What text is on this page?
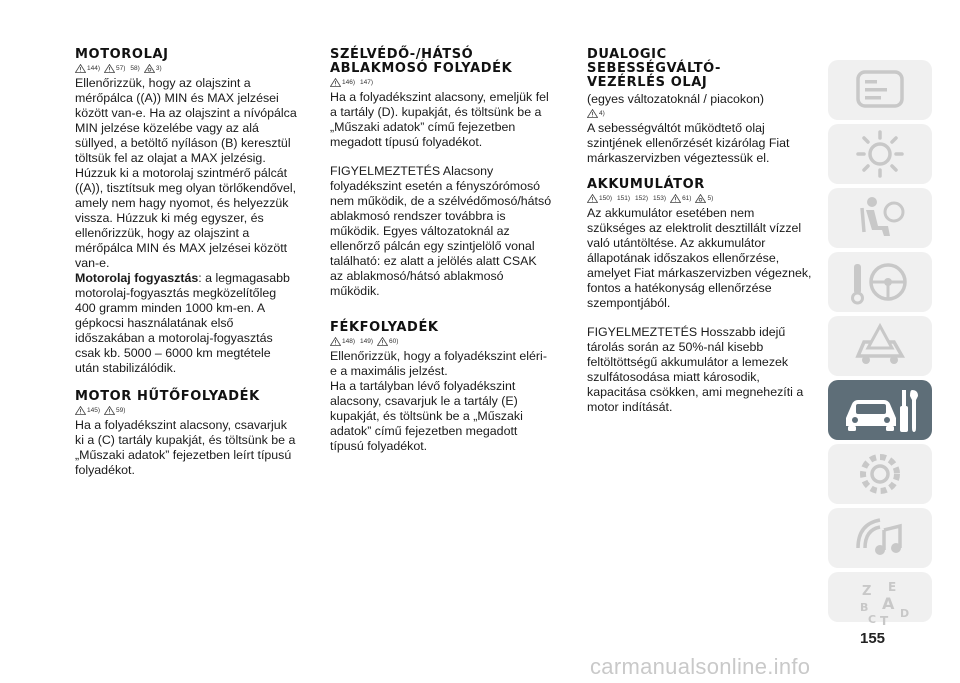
MOTOROLAJ
144) 57) 58) 3)

Ellenőrizzük, hogy az olajszint a mérőpálca ((A)) MIN és MAX jelzései között van-e. Ha az olajszint a nívópálca MIN jelzése közelébe vagy az alá süllyed, a betöltő nyíláson (B) keresztül töltsük fel az olajat a MAX jelzésig.

Húzzuk ki a motorolaj szintmérő pálcát ((A)), tisztítsuk meg olyan törlőkendővel, amely nem hagy nyomot, és helyezzük vissza. Húzzuk ki még egyszer, és ellenőrizzük, hogy az olajszint a mérőpálca MIN és MAX jelzései között van-e.

Motorolaj fogyasztás: a legmagasabb motorolaj-fogyasztás megközelítőleg 400 gramm minden 1000 km-en. A gépkocsi használatának első időszakában a motorolaj-fogyasztás csak kb. 5000 – 6000 km megtétele után stabilizálódik.

MOTOR HŰTŐFOLYADÉK
145) 59)

Ha a folyadékszint alacsony, csavarjuk ki a (C) tartály kupakját, és töltsünk be a „Műszaki adatok” fejezetben leírt típusú folyadékot.

SZÉLVÉDŐ-/HÁTSÓ
ABLAKMOSÓ FOLYADÉK
146) 147)

Ha a folyadékszint alacsony, emeljük fel a tartály (D). kupakját, és töltsünk be a „Műszaki adatok” című fejezetben megadott típusú folyadékot.

FIGYELMEZTETÉS Alacsony folyadékszint esetén a fényszórómosó nem működik, de a szélvédőmosó/hátsó ablakmosó rendszer továbbra is működik. Egyes változatoknál az ellenőrző pálcán egy szintjelölő vonal található: ez alatt a jelölés alatt CSAK az ablakmosó/hátsó ablakmosó működik.

FÉKFOLYADÉK
148) 149) 60)

Ellenőrizzük, hogy a folyadékszint eléri-e a maximális jelzést.

Ha a tartályban lévő folyadékszint alacsony, csavarjuk le a tartály (E) kupakját, és töltsünk be a „Műszaki adatok” című fejezetben megadott típusú folyadékot.

DUALOGIC
SEBESSÉGVÁLTÓ-
VEZÉRLÉS OLAJ

(egyes változatoknál / piacokon)

4)

A sebességváltót működtető olaj szintjének ellenőrzését kizárólag Fiat márkaszervizben végeztessük el.

AKKUMULÁTOR
150) 151) 152) 153) 61) 5)

Az akkumulátor esetében nem szükséges az elektrolit desztillált vízzel való utántöltése. Az akkumulátor állapotának időszakos ellenőrzése, amelyet Fiat márkaszervizben végeznek, fontos a hatékonyság ellenőrzése szempontjából.

FIGYELMEZTETÉS Hosszabb idejű tárolás során az 50%-nál kisebb feltöltöttségű akkumulátor a lemezek szulfátosodása miatt károsodik, kapacitása csökken, ami megnehezíti a motor indítását.

Z E
B A
C T
D
155
carmanualsonline.info
